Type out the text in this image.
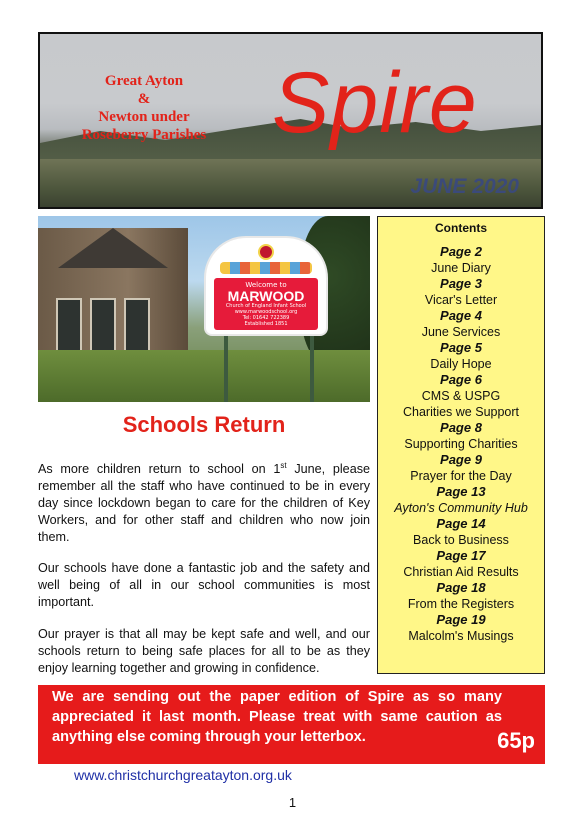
Great Ayton
&
Newton under
Roseberry Parishes Spire
JUNE 2020
Welcome to
MARWOOD
Church of England Infant School
www.marwoodschool.org
Tel: 01642 722389
Established 1851
Contents
Page 2
June Diary
Page 3
Vicar's Letter
Page 4
June Services
Page 5
Daily Hope
Page 6
CMS & USPG
Charities we Support
Page 8
Supporting Charities
Page 9
Prayer for the Day
Page 13
Ayton's Community Hub
Page 14
Back to Business
Page 17
Christian Aid Results
Page 18
From the Registers
Page 19
Malcolm's Musings
Schools Return
As more children return to school on 1st June, please remember all the staff who have continued to be in every day since lockdown began to care for the children of Key Workers, and for other staff and children who now join them.
Our schools have done a fantastic job and the safety and well being of all in our school communities is most important.
Our prayer is that all may be kept safe and well, and our schools return to being safe places for all to be as they enjoy learning together and growing in confidence.
We are sending out the paper edition of Spire as so many appreciated it last month. Please treat with same caution as anything else coming through your letterbox.	65p
www.christchurchgreatayton.org.uk
1
